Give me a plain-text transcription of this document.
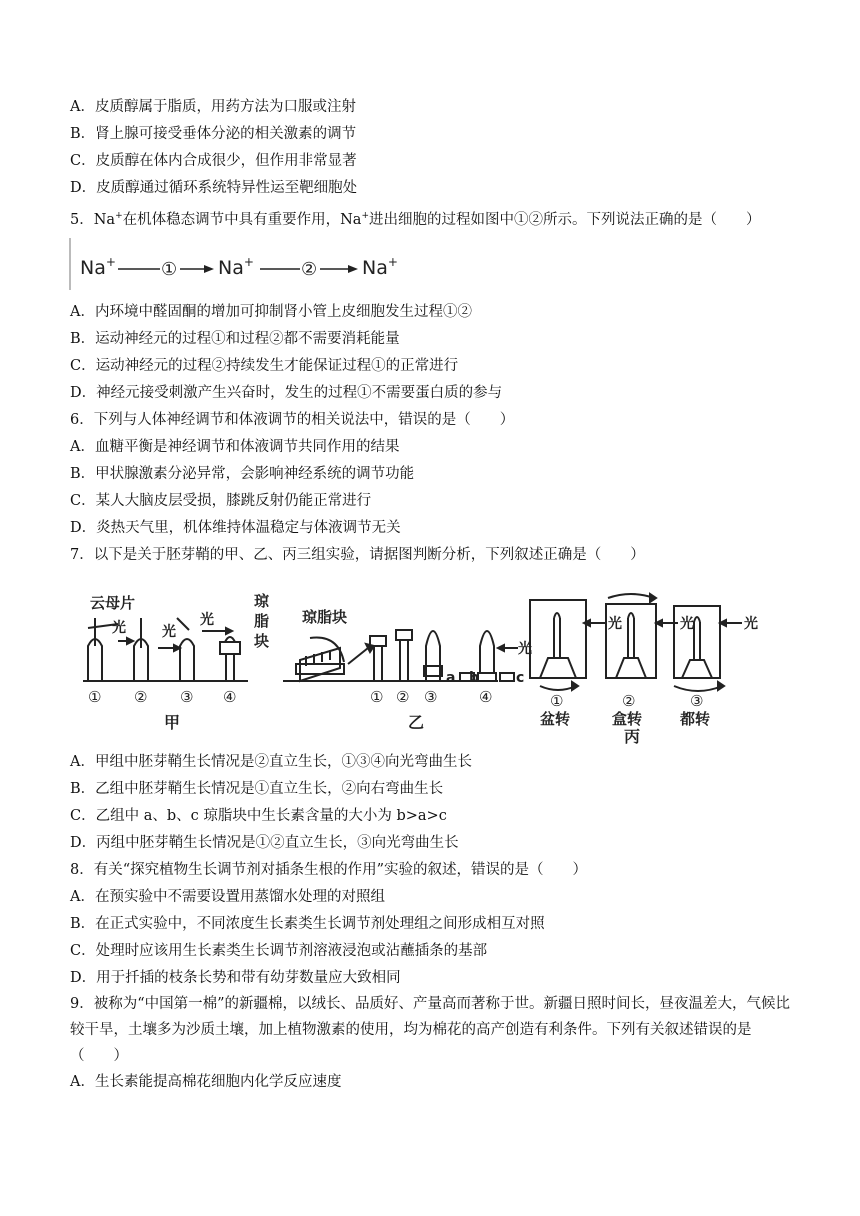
A．皮质醇属于脂质，用药方法为口服或注射
B．肾上腺可接受垂体分泌的相关激素的调节
C．皮质醇在体内合成很少，但作用非常显著
D．皮质醇通过循环系统特异性运至靶细胞处
5．Na+在机体稳态调节中具有重要作用，Na+进出细胞的过程如图中①②所示。下列说法正确的是（　　）
Na+	① Na+	② Na+
A．内环境中醛固酮的增加可抑制肾小管上皮细胞发生过程①②
B．运动神经元的过程①和过程②都不需要消耗能量
C．运动神经元的过程②持续发生才能保证过程①的正常进行
D．神经元接受刺激产生兴奋时，发生的过程①不需要蛋白质的参与
6．下列与人体神经调节和体液调节的相关说法中，错误的是（　　）
A．血糖平衡是神经调节和体液调节共同作用的结果
B．甲状腺激素分泌异常，会影响神经系统的调节功能
C．某人大脑皮层受损，膝跳反射仍能正常进行
D．炎热天气里，机体维持体温稳定与体液调节无关
7．以下是关于胚芽鞘的甲、乙、丙三组实验，请据图判断分析，下列叙述正确是（　　）
云母片
光	光
光
琼
脂
块
① ② ③ ④
甲
琼脂块
① ② ③	④
a b	c
光
乙
光	光	光
①	②	③
盆转	盒转	都转
丙
A．甲组中胚芽鞘生长情况是②直立生长，①③④向光弯曲生长
B．乙组中胚芽鞘生长情况是①直立生长，②向右弯曲生长
C．乙组中 a、b、c 琼脂块中生长素含量的大小为 b>a>c
D．丙组中胚芽鞘生长情况是①②直立生长，③向光弯曲生长
8．有关“探究植物生长调节剂对插条生根的作用”实验的叙述，错误的是（　　）
A．在预实验中不需要设置用蒸馏水处理的对照组
B．在正式实验中，不同浓度生长素类生长调节剂处理组之间形成相互对照
C．处理时应该用生长素类生长调节剂溶液浸泡或沾蘸插条的基部
D．用于扦插的枝条长势和带有幼芽数量应大致相同
9．被称为“中国第一棉”的新疆棉，以绒长、品质好、产量高而著称于世。新疆日照时间长，昼夜温差大，气候比较干旱，土壤多为沙质土壤，加上植物激素的使用，均为棉花的高产创造有利条件。下列有关叙述错误的是（　　）
A．生长素能提高棉花细胞内化学反应速度
